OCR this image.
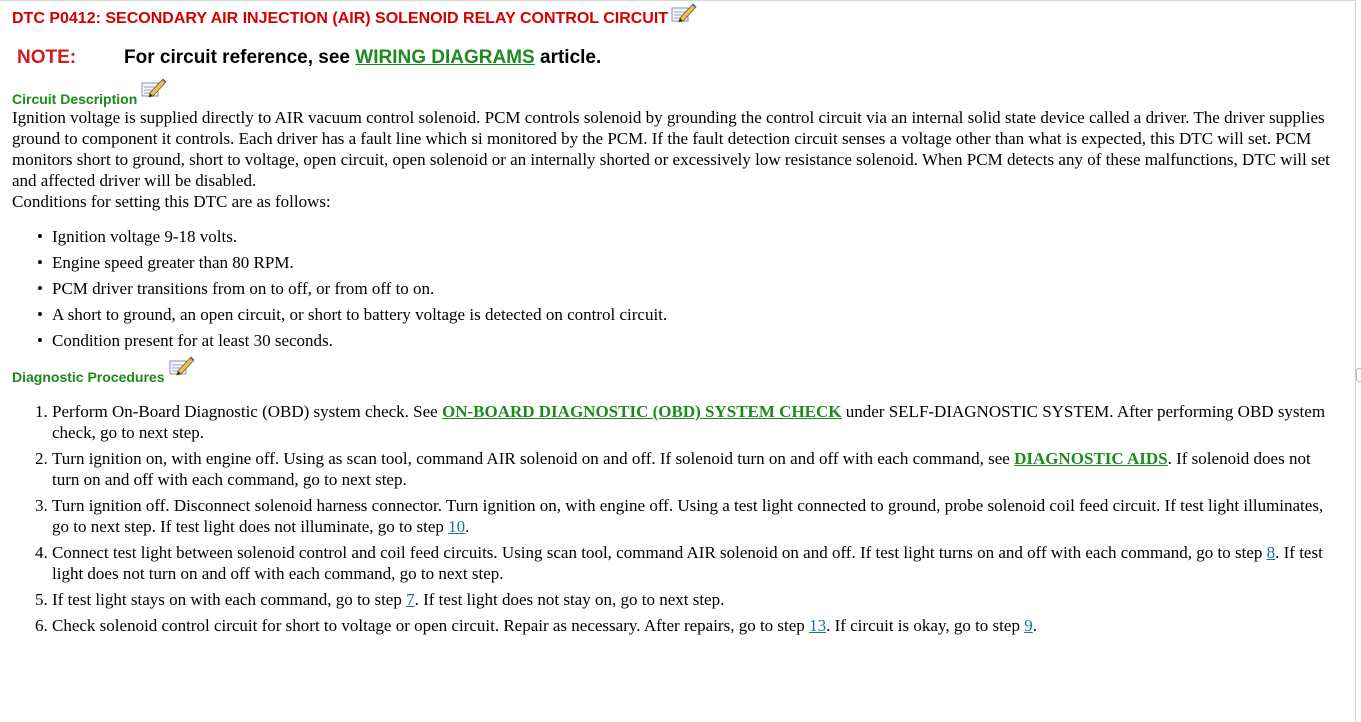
DTC P0412: SECONDARY AIR INJECTION (AIR) SOLENOID RELAY CONTROL CIRCUIT
NOTE:	For circuit reference, see WIRING DIAGRAMS article.
Circuit Description

Ignition voltage is supplied directly to AIR vacuum control solenoid. PCM controls solenoid by grounding the control circuit via an internal solid state device called a driver. The driver supplies ground to component it controls. Each driver has a fault line which si monitored by the PCM. If the fault detection circuit senses a voltage other than what is expected, this DTC will set. PCM monitors short to ground, short to voltage, open circuit, open solenoid or an internally shorted or excessively low resistance solenoid. When PCM detects any of these malfunctions, DTC will set and affected driver will be disabled.

Conditions for setting this DTC are as follows:

• Ignition voltage 9-18 volts.
• Engine speed greater than 80 RPM.
• PCM driver transitions from on to off, or from off to on.
• A short to ground, an open circuit, or short to battery voltage is detected on control circuit.
• Condition present for at least 30 seconds.
Diagnostic Procedures
1. Perform On-Board Diagnostic (OBD) system check. See ON-BOARD DIAGNOSTIC (OBD) SYSTEM CHECK under SELF-DIAGNOSTIC SYSTEM. After performing OBD system check, go to next step.
2. Turn ignition on, with engine off. Using as scan tool, command AIR solenoid on and off. If solenoid turn on and off with each command, see DIAGNOSTIC AIDS. If solenoid does not turn on and off with each command, go to next step.
3. Turn ignition off. Disconnect solenoid harness connector. Turn ignition on, with engine off. Using a test light connected to ground, probe solenoid coil feed circuit. If test light illuminates, go to next step. If test light does not illuminate, go to step 10.
4. Connect test light between solenoid control and coil feed circuits. Using scan tool, command AIR solenoid on and off. If test light turns on and off with each command, go to step 8. If test light does not turn on and off with each command, go to next step.
5. If test light stays on with each command, go to step 7. If test light does not stay on, go to next step.
6. Check solenoid control circuit for short to voltage or open circuit. Repair as necessary. After repairs, go to step 13. If circuit is okay, go to step 9.
